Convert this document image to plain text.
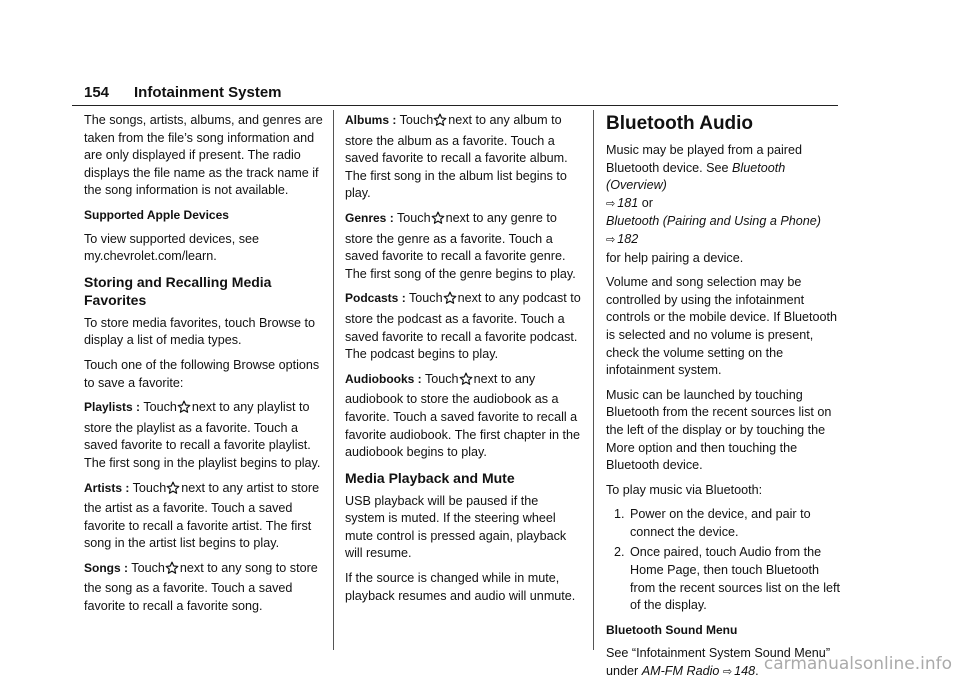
154 Infotainment System

The songs, artists, albums, and genres are taken from the file’s song information and are only displayed if present. The radio displays the file name as the track name if the song information is not available.

Supported Apple Devices

To view supported devices, see my.chevrolet.com/learn.

Storing and Recalling Media Favorites

To store media favorites, touch Browse to display a list of media types.

Touch one of the following Browse options to save a favorite:

Playlists : Touch next to any playlist to store the playlist as a favorite. Touch a saved favorite to recall a favorite playlist. The first song in the playlist begins to play.

Artists : Touch next to any artist to store the artist as a favorite. Touch a saved favorite to recall a favorite artist. The first song in the artist list begins to play.

Songs : Touch next to any song to store the song as a favorite. Touch a saved favorite to recall a favorite song.

Albums : Touch next to any album to store the album as a favorite. Touch a saved favorite to recall a favorite album. The first song in the album list begins to play.

Genres : Touch next to any genre to store the genre as a favorite. Touch a saved favorite to recall a favorite genre. The first song of the genre begins to play.

Podcasts : Touch next to any podcast to store the podcast as a favorite. Touch a saved favorite to recall a favorite podcast. The podcast begins to play.

Audiobooks : Touch next to any audiobook to store the audiobook as a favorite. Touch a saved favorite to recall a favorite audiobook. The first chapter in the audiobook begins to play.

Media Playback and Mute

USB playback will be paused if the system is muted. If the steering wheel mute control is pressed again, playback will resume.

If the source is changed while in mute, playback resumes and audio will unmute.

Bluetooth Audio

Music may be played from a paired Bluetooth device. See Bluetooth (Overview)
⇨ 181 or
Bluetooth (Pairing and Using a Phone) ⇨ 182
for help pairing a device.

Volume and song selection may be controlled by using the infotainment controls or the mobile device. If Bluetooth is selected and no volume is present, check the volume setting on the infotainment system.

Music can be launched by touching Bluetooth from the recent sources list on the left of the display or by touching the More option and then touching the Bluetooth device.

To play music via Bluetooth:

1. Power on the device, and pair to connect the device.
2. Once paired, touch Audio from the Home Page, then touch Bluetooth from the recent sources list on the left of the display.

Bluetooth Sound Menu

See “Infotainment System Sound Menu” under AM-FM Radio ⇨ 148. carmanualsonline.info
